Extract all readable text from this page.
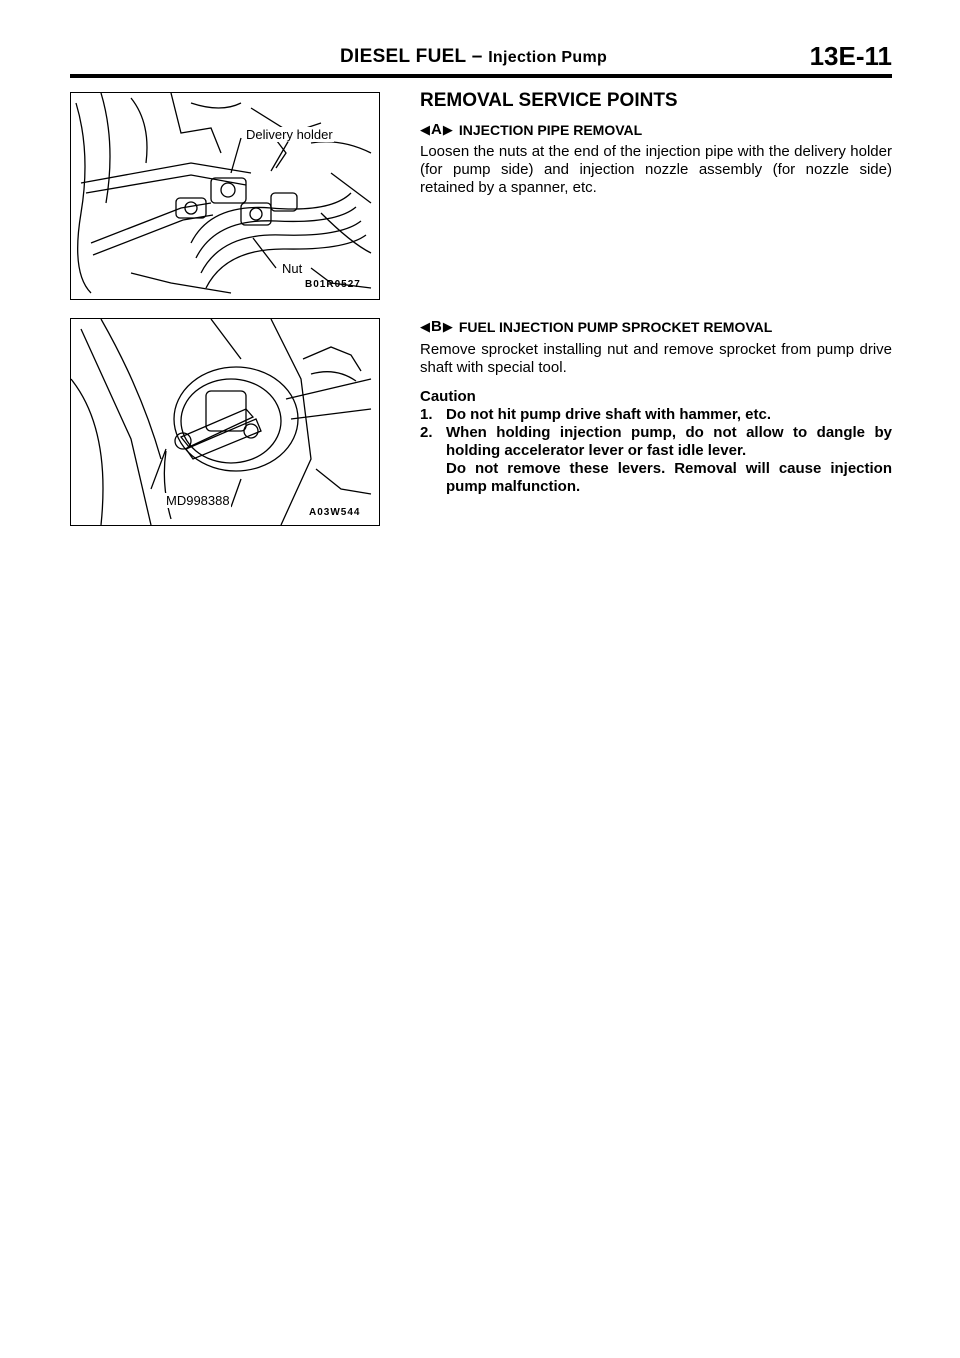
DIESEL FUEL – Injection Pump	13E-11
Delivery holder
Nut
B01R0527
MD998388
A03W544
REMOVAL SERVICE POINTS
◀ A ▶ INJECTION PIPE REMOVAL
Loosen the nuts at the end of the injection pipe with the delivery holder (for pump side) and injection nozzle assembly (for nozzle side) retained by a spanner, etc.
◀ B ▶ FUEL INJECTION PUMP SPROCKET REMOVAL
Remove sprocket installing nut and remove sprocket from pump drive shaft with special tool.
Caution
1. Do not hit pump drive shaft with hammer, etc.
2. When holding injection pump, do not allow to dangle by holding accelerator lever or fast idle lever.
Do not remove these levers. Removal will cause injection pump malfunction.
